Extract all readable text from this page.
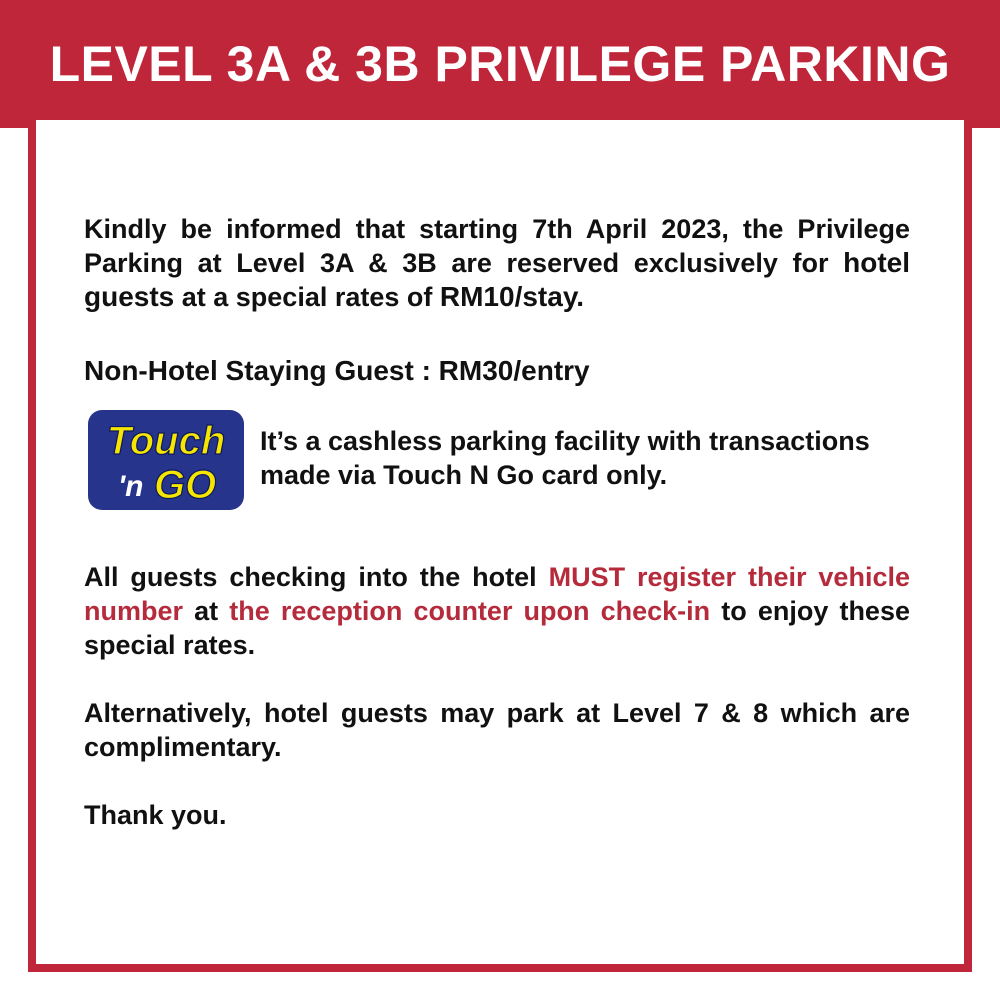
LEVEL 3A & 3B PRIVILEGE PARKING

Kindly be informed that starting 7th April 2023, the Privilege Parking at Level 3A & 3B are reserved exclusively for hotel guests at a special rates of RM10/stay.

Non-Hotel Staying Guest : RM30/entry

Touch
'n GO

It’s a cashless parking facility with transactions made via Touch N Go card only.

All guests checking into the hotel MUST register their vehicle number at the reception counter upon check-in to enjoy these special rates.

Alternatively, hotel guests may park at Level 7 & 8 which are complimentary.

Thank you.
